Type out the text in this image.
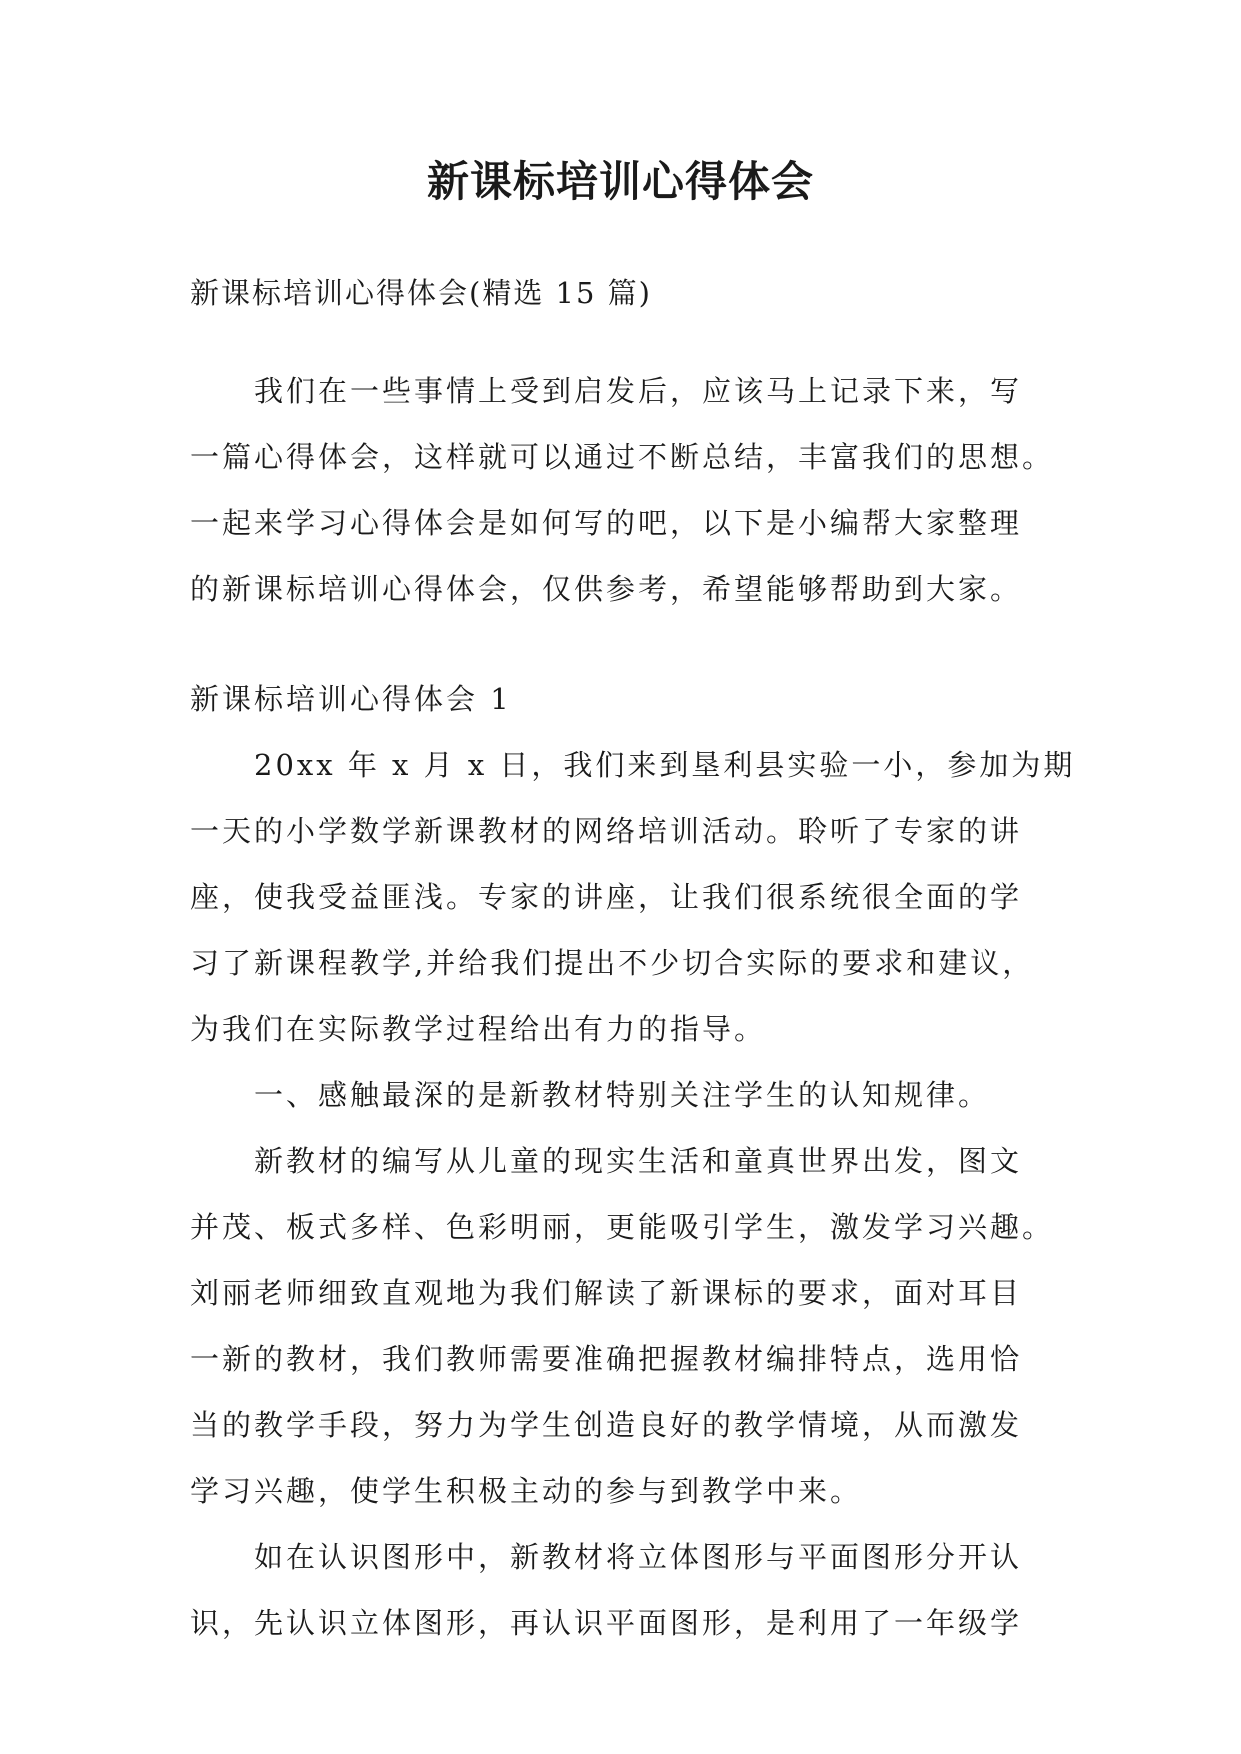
新课标培训心得体会
新课标培训心得体会(精选 15 篇)
　　我们在一些事情上受到启发后，应该马上记录下来，写
一篇心得体会，这样就可以通过不断总结，丰富我们的思想。
一起来学习心得体会是如何写的吧，以下是小编帮大家整理
的新课标培训心得体会，仅供参考，希望能够帮助到大家。
新课标培训心得体会 1
　　20xx 年 x 月 x 日，我们来到垦利县实验一小，参加为期
一天的小学数学新课教材的网络培训活动。聆听了专家的讲
座，使我受益匪浅。专家的讲座，让我们很系统很全面的学
习了新课程教学,并给我们提出不少切合实际的要求和建议，
为我们在实际教学过程给出有力的指导。
　　一、感触最深的是新教材特别关注学生的认知规律。
　　新教材的编写从儿童的现实生活和童真世界出发，图文
并茂、板式多样、色彩明丽，更能吸引学生，激发学习兴趣。
刘丽老师细致直观地为我们解读了新课标的要求，面对耳目
一新的教材，我们教师需要准确把握教材编排特点，选用恰
当的教学手段，努力为学生创造良好的教学情境，从而激发
学习兴趣，使学生积极主动的参与到教学中来。
　　如在认识图形中，新教材将立体图形与平面图形分开认
识，先认识立体图形，再认识平面图形，是利用了一年级学
